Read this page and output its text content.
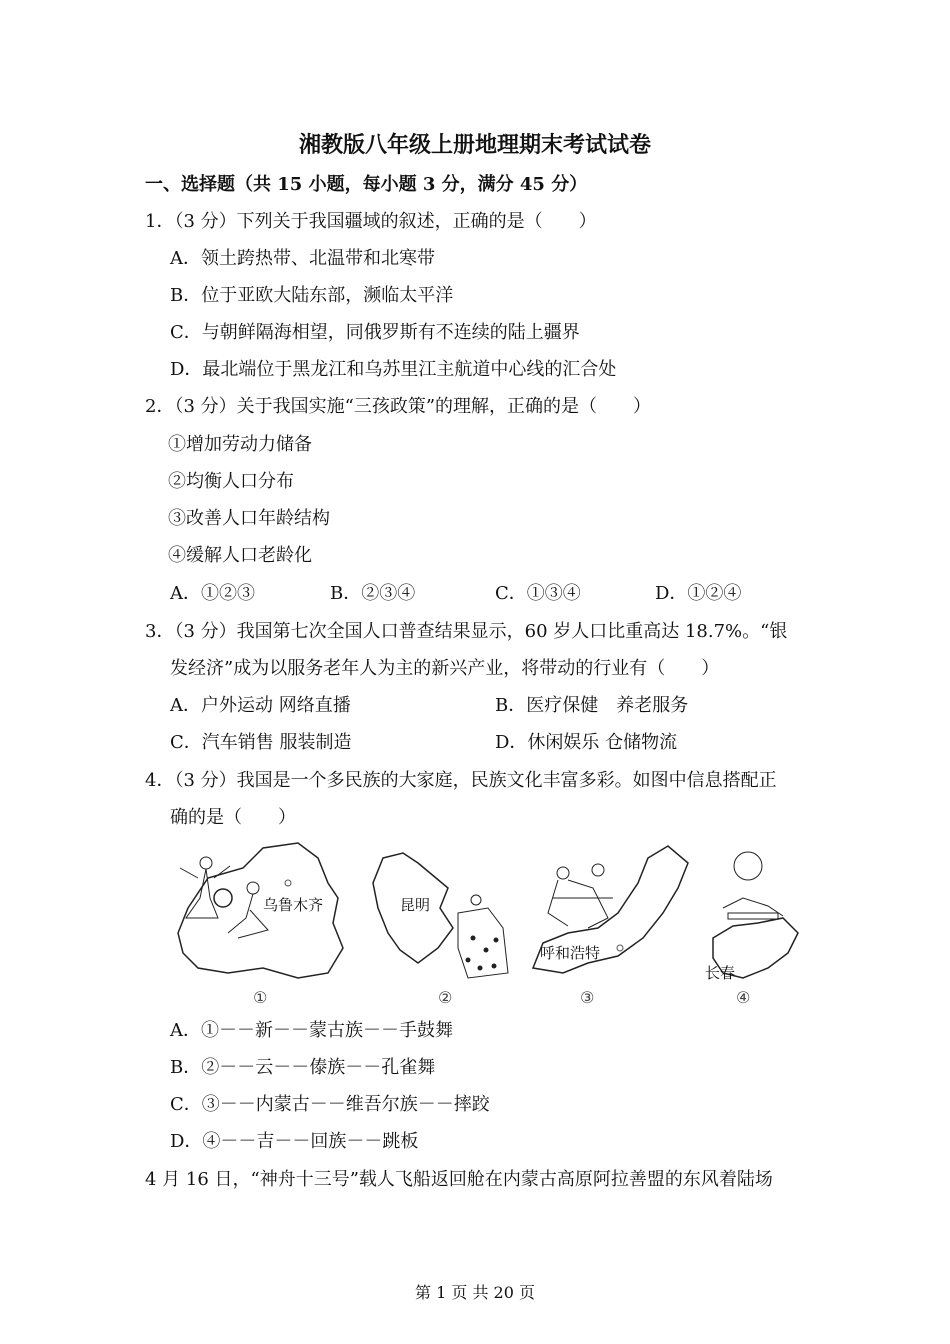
湘教版八年级上册地理期末考试试卷
一、选择题（共 15 小题，每小题 3 分，满分 45 分）
1．（3 分）下列关于我国疆域的叙述，正确的是（　　）
A．领土跨热带、北温带和北寒带
B．位于亚欧大陆东部，濒临太平洋
C．与朝鲜隔海相望，同俄罗斯有不连续的陆上疆界
D．最北端位于黑龙江和乌苏里江主航道中心线的汇合处
2．（3 分）关于我国实施“三孩政策”的理解，正确的是（　　）
①增加劳动力储备
②均衡人口分布
③改善人口年龄结构
④缓解人口老龄化
A．①②③	B．②③④	C．①③④	D．①②④
3．（3 分）我国第七次全国人口普查结果显示，60 岁人口比重高达 18.7%。“银
发经济”成为以服务老年人为主的新兴产业，将带动的行业有（　　）
A．户外运动 网络直播	B．医疗保健　养老服务
C．汽车销售 服装制造	D．休闲娱乐 仓储物流
4．（3 分）我国是一个多民族的大家庭，民族文化丰富多彩。如图中信息搭配正
确的是（　　）
乌鲁木齐
①
昆明
②
呼和浩特
③
长春
④
A．①－－新－－蒙古族－－手鼓舞
B．②－－云－－傣族－－孔雀舞
C．③－－内蒙古－－维吾尔族－－摔跤
D．④－－吉－－回族－－跳板
4 月 16 日，“神舟十三号”载人飞船返回舱在内蒙古高原阿拉善盟的东风着陆场
第 1 页 共 20 页
